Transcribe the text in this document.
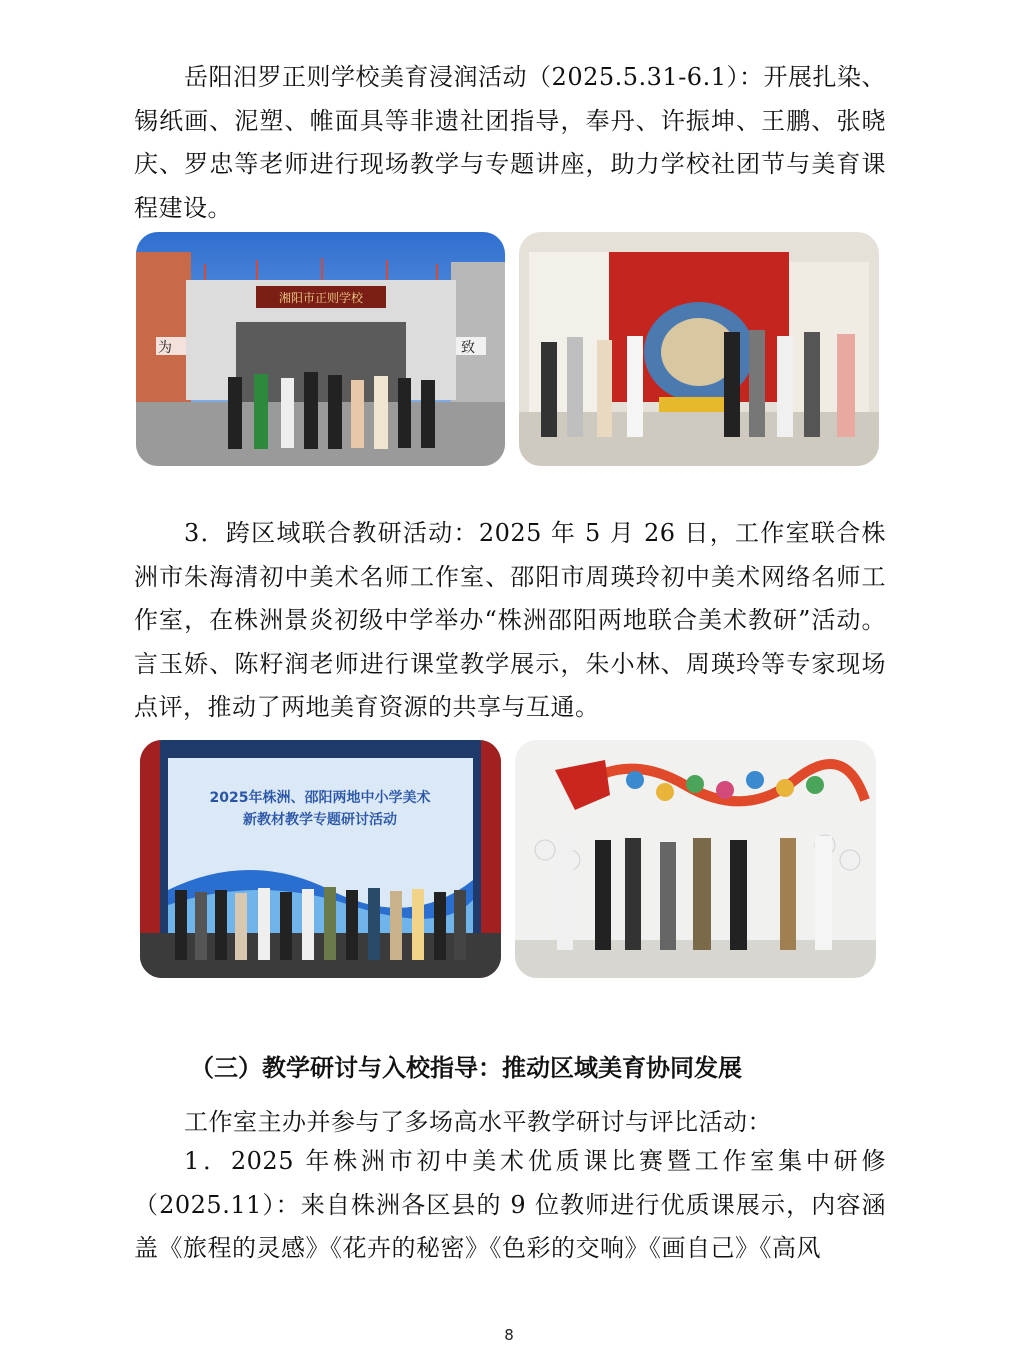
岳阳汨罗正则学校美育浸润活动（2025.5.31-6.1）：开展扎染、锡纸画、泥塑、帷面具等非遗社团指导，奉丹、许振坤、王鹏、张晓庆、罗忠等老师进行现场教学与专题讲座，助力学校社团节与美育课程建设。
湘阳市正则学校
为	致
3．跨区域联合教研活动：2025 年 5 月 26 日，工作室联合株洲市朱海清初中美术名师工作室、邵阳市周瑛玲初中美术网络名师工作室，在株洲景炎初级中学举办“株洲邵阳两地联合美术教研”活动。言玉娇、陈籽润老师进行课堂教学展示，朱小林、周瑛玲等专家现场点评，推动了两地美育资源的共享与互通。
2025年株洲、邵阳两地中小学美术
新教材教学专题研讨活动
（三）教学研讨与入校指导：推动区域美育协同发展
工作室主办并参与了多场高水平教学研讨与评比活动：
1．2025 年株洲市初中美术优质课比赛暨工作室集中研修
（2025.11）：来自株洲各区县的 9 位教师进行优质课展示，内容涵盖《旅程的灵感》《花卉的秘密》《色彩的交响》《画自己》《高风
8
